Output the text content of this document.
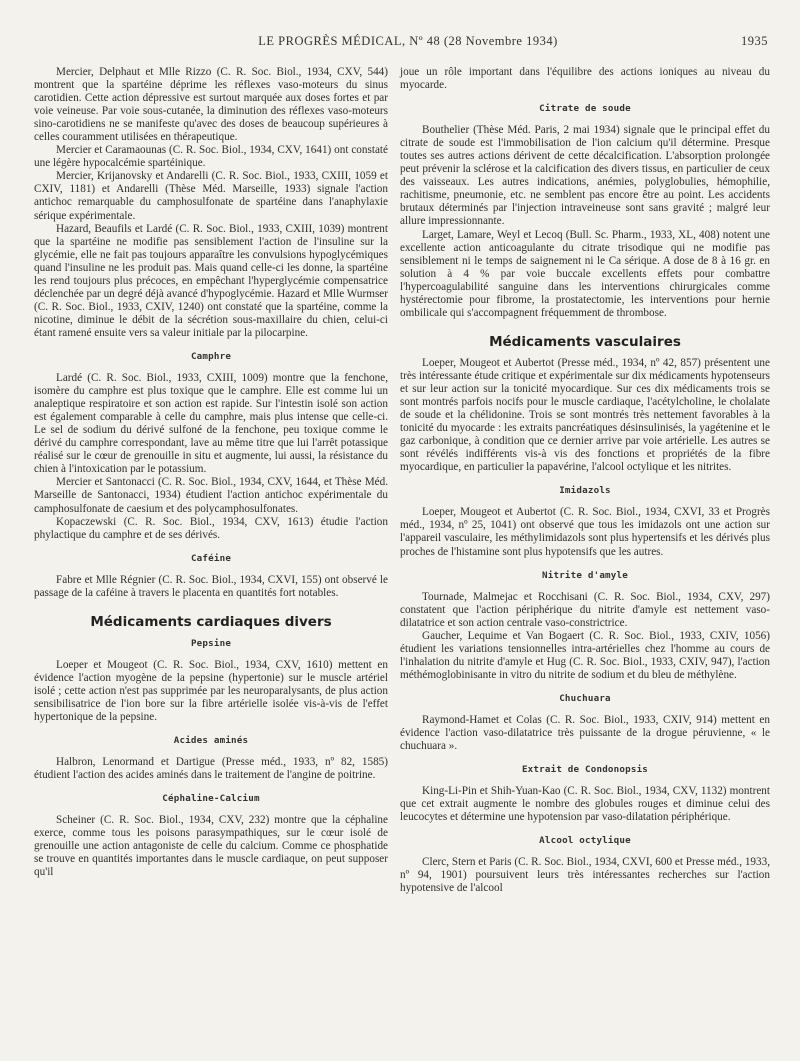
LE PROGRÈS MÉDICAL, Nº 48 (28 Novembre 1934)	1935

Mercier, Delphaut et Mlle Rizzo (C. R. Soc. Biol., 1934, CXV, 544) montrent que la spartéine déprime les réflexes vaso-moteurs du sinus carotidien. Cette action dépressive est surtout marquée aux doses fortes et par voie veineuse. Par voie sous-cutanée, la diminution des réflexes vaso-moteurs sino-carotidiens ne se manifeste qu'avec des doses de beaucoup supérieures à celles couramment utilisées en thérapeutique.

Mercier et Caramaounas (C. R. Soc. Biol., 1934, CXV, 1641) ont constaté une légère hypocalcémie spartéinique.

Mercier, Krijanovsky et Andarelli (C. R. Soc. Biol., 1933, CXIII, 1059 et CXIV, 1181) et Andarelli (Thèse Méd. Marseille, 1933) signale l'action antichoc remarquable du camphosulfonate de spartéine dans l'anaphylaxie sérique expérimentale.

Hazard, Beaufils et Lardé (C. R. Soc. Biol., 1933, CXIII, 1039) montrent que la spartéine ne modifie pas sensiblement l'action de l'insuline sur la glycémie, elle ne fait pas toujours apparaître les convulsions hypoglycémiques quand l'insuline ne les produit pas. Mais quand celle-ci les donne, la spartéine les rend toujours plus précoces, en empêchant l'hyperglycémie compensatrice déclenchée par un degré déjà avancé d'hypoglycémie. Hazard et Mlle Wurmser (C. R. Soc. Biol., 1933, CXIV, 1240) ont constaté que la spartéine, comme la nicotine, diminue le débit de la sécrétion sous-maxillaire du chien, celui-ci étant ramené ensuite vers sa valeur initiale par la pilocarpine.

Camphre

Lardé (C. R. Soc. Biol., 1933, CXIII, 1009) montre que la fenchone, isomère du camphre est plus toxique que le camphre. Elle est comme lui un analeptique respiratoire et son action est rapide. Sur l'intestin isolé son action est également comparable à celle du camphre, mais plus intense que celle-ci. Le sel de sodium du dérivé sulfoné de la fenchone, peu toxique comme le dérivé du camphre correspondant, lave au même titre que lui l'arrêt potassique réalisé sur le cœur de grenouille in situ et augmente, lui aussi, la résistance du chien à l'intoxication par le potassium.

Mercier et Santonacci (C. R. Soc. Biol., 1934, CXV, 1644, et Thèse Méd. Marseille de Santonacci, 1934) étudient l'action antichoc expérimentale du camphosulfonate de caesium et des polycamphosulfonates.

Kopaczewski (C. R. Soc. Biol., 1934, CXV, 1613) étudie l'action phylactique du camphre et de ses dérivés.

Caféine

Fabre et Mlle Régnier (C. R. Soc. Biol., 1934, CXVI, 155) ont observé le passage de la caféine à travers le placenta en quantités fort notables.

Médicaments cardiaques divers
Pepsine

Loeper et Mougeot (C. R. Soc. Biol., 1934, CXV, 1610) mettent en évidence l'action myogène de la pepsine (hypertonie) sur le muscle artériel isolé ; cette action n'est pas supprimée par les neuroparalysants, de plus action sensibilisatrice de l'ion bore sur la fibre artérielle isolée vis-à-vis de l'effet hypertonique de la pepsine.

Acides aminés

Halbron, Lenormand et Dartigue (Presse méd., 1933, nº 82, 1585) étudient l'action des acides aminés dans le traitement de l'angine de poitrine.

Céphaline-Calcium

Scheiner (C. R. Soc. Biol., 1934, CXV, 232) montre que la céphaline exerce, comme tous les poisons parasympathiques, sur le cœur isolé de grenouille une action antagoniste de celle du calcium. Comme ce phosphatide se trouve en quantités importantes dans le muscle cardiaque, on peut supposer qu'il

joue un rôle important dans l'équilibre des actions ioniques au niveau du myocarde.

Citrate de soude

Bouthelier (Thèse Méd. Paris, 2 mai 1934) signale que le principal effet du citrate de soude est l'immobilisation de l'ion calcium qu'il détermine. Presque toutes ses autres actions dérivent de cette décalcification. L'absorption prolongée peut prévenir la sclérose et la calcification des divers tissus, en particulier de ceux des vaisseaux. Les autres indications, anémies, polyglobulies, hémophilie, rachitisme, pneumonie, etc. ne semblent pas encore être au point. Les accidents brutaux déterminés par l'injection intraveineuse sont sans gravité ; malgré leur allure impressionnante.

Larget, Lamare, Weyl et Lecoq (Bull. Sc. Pharm., 1933, XL, 408) notent une excellente action anticoagulante du citrate trisodique qui ne modifie pas sensiblement ni le temps de saignement ni le Ca sérique. A dose de 8 à 16 gr. en solution à 4 % par voie buccale excellents effets pour combattre l'hypercoagulabilité sanguine dans les interventions chirurgicales comme hystérectomie pour fibrome, la prostatectomie, les interventions pour hernie ombilicale qui s'accompagnent fréquemment de thrombose.

Médicaments vasculaires

Loeper, Mougeot et Aubertot (Presse méd., 1934, nº 42, 857) présentent une très intéressante étude critique et expérimentale sur dix médicaments hypotenseurs et sur leur action sur la tonicité myocardique. Sur ces dix médicaments trois se sont montrés parfois nocifs pour le muscle cardiaque, l'acétylcholine, le cholalate de soude et la chélidonine. Trois se sont montrés très nettement favorables à la tonicité du myocarde : les extraits pancréatiques désinsulinisés, la yagétenine et le gaz carbonique, à condition que ce dernier arrive par voie artérielle. Les autres se sont révélés indifférents vis-à vis des fonctions et propriétés de la fibre myocardique, en particulier la papavérine, l'alcool octylique et les nitrites.

Imidazols

Loeper, Mougeot et Aubertot (C. R. Soc. Biol., 1934, CXVI, 33 et Progrès méd., 1934, nº 25, 1041) ont observé que tous les imidazols ont une action sur l'appareil vasculaire, les méthylimidazols sont plus hypertensifs et les dérivés plus proches de l'histamine sont plus hypotensifs que les autres.

Nitrite d'amyle

Tournade, Malmejac et Rocchisani (C. R. Soc. Biol., 1934, CXV, 297) constatent que l'action périphérique du nitrite d'amyle est nettement vaso-dilatatrice et son action centrale vaso-constrictrice.

Gaucher, Lequime et Van Bogaert (C. R. Soc. Biol., 1933, CXIV, 1056) étudient les variations tensionnelles intra-artérielles chez l'homme au cours de l'inhalation du nitrite d'amyle et Hug (C. R. Soc. Biol., 1933, CXIV, 947), l'action méthémoglobinisante in vitro du nitrite de sodium et du bleu de méthylène.

Chuchuara

Raymond-Hamet et Colas (C. R. Soc. Biol., 1933, CXIV, 914) mettent en évidence l'action vaso-dilatatrice très puissante de la drogue péruvienne, « le chuchuara ».

Extrait de Condonopsis

King-Li-Pin et Shih-Yuan-Kao (C. R. Soc. Biol., 1934, CXV, 1132) montrent que cet extrait augmente le nombre des globules rouges et diminue celui des leucocytes et détermine une hypotension par vaso-dilatation périphérique.

Alcool octylique

Clerc, Stern et Paris (C. R. Soc. Biol., 1934, CXVI, 600 et Presse méd., 1933, nº 94, 1901) poursuivent leurs très intéressantes recherches sur l'action hypotensive de l'alcool
